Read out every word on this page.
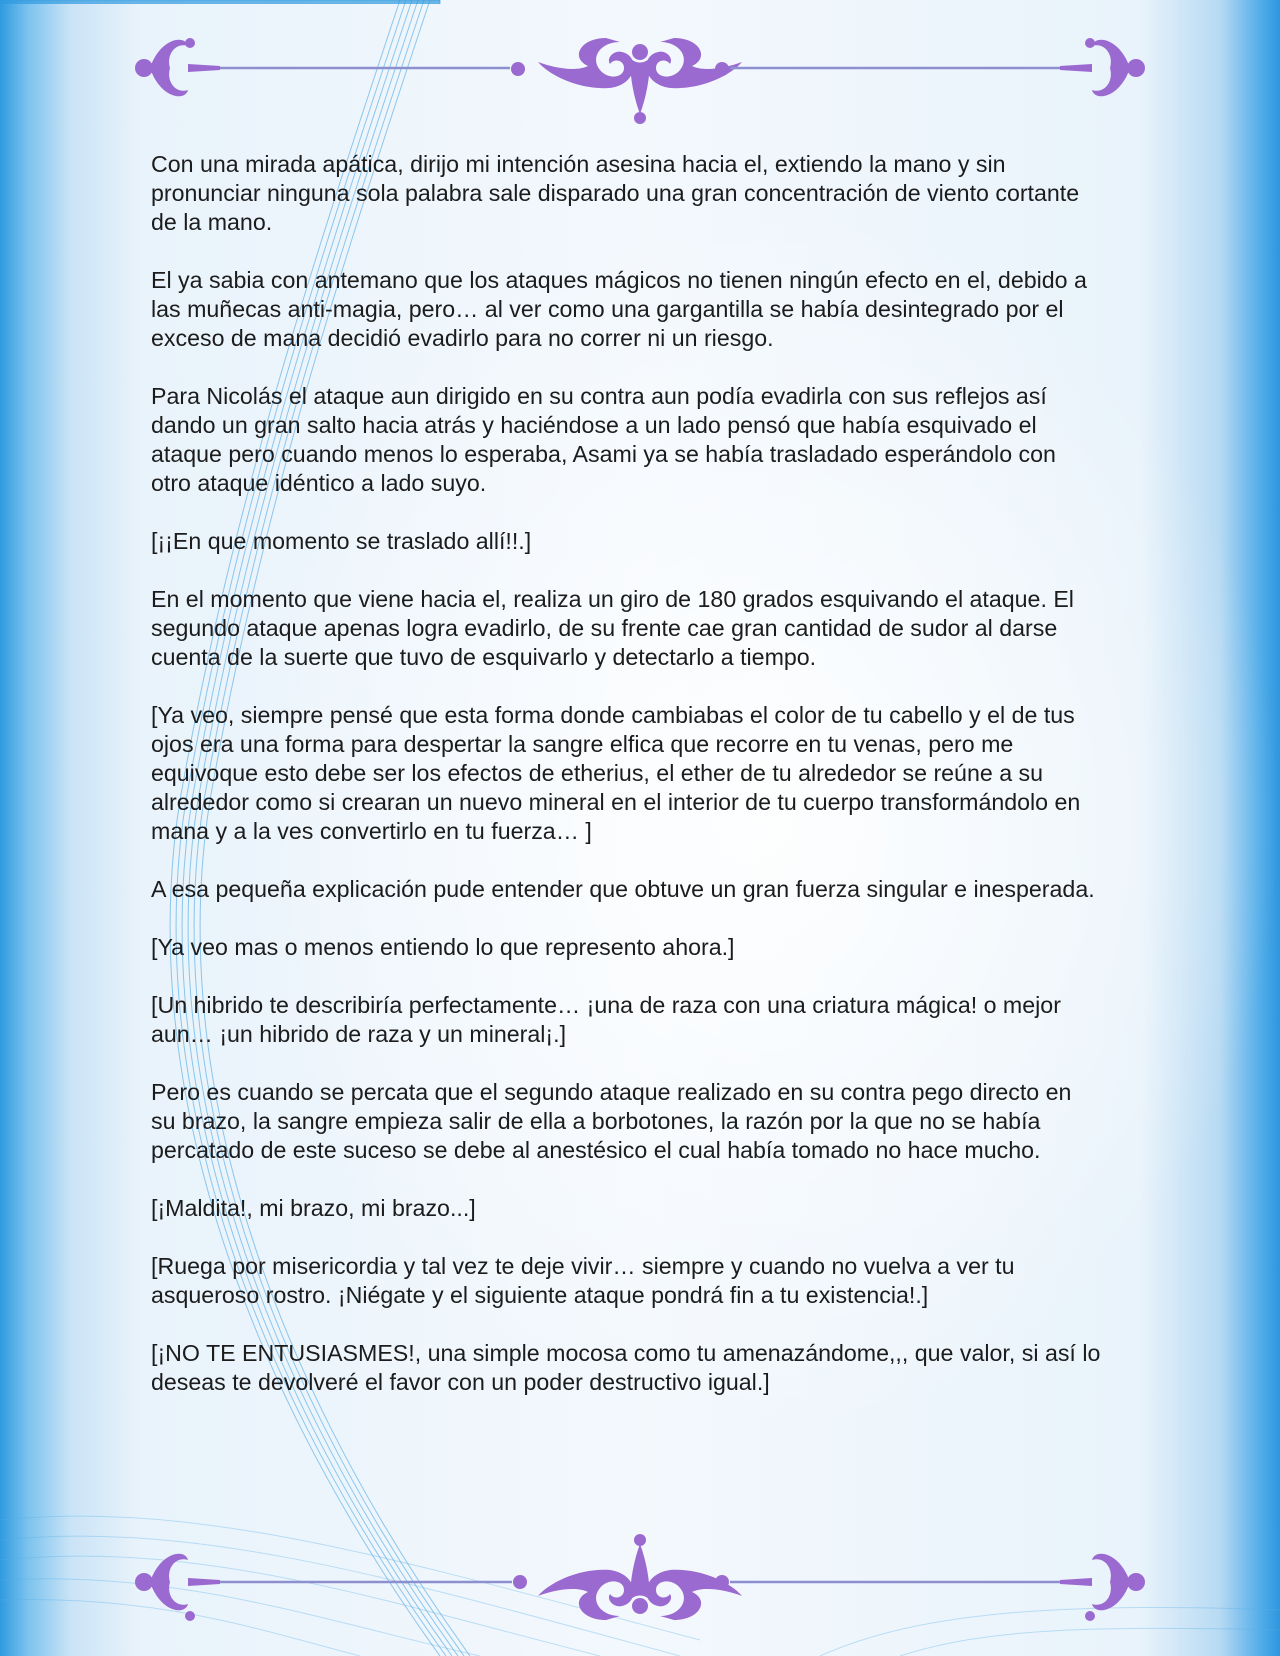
Con una mirada apática, dirijo mi intención asesina hacia el, extiendo la mano y sin pronunciar ninguna sola palabra sale disparado una gran concentración de viento cortante de la mano.

El ya sabia con antemano que los ataques mágicos no tienen ningún efecto en el, debido a las muñecas anti-magia, pero… al ver como una gargantilla se había desintegrado por el exceso de mana decidió evadirlo para no correr ni un riesgo.

Para Nicolás el ataque aun dirigido en su contra aun podía evadirla con sus reflejos así dando un gran salto hacia atrás y haciéndose a un lado pensó que había esquivado el ataque pero cuando menos lo esperaba, Asami ya se había trasladado esperándolo con otro ataque idéntico a lado suyo.

[¡¡En que momento se traslado allí!!.]

En el momento que viene hacia el, realiza un giro de 180 grados esquivando el ataque. El segundo ataque apenas logra evadirlo, de su frente cae gran cantidad de sudor al darse cuenta de la suerte que tuvo de esquivarlo y detectarlo a tiempo.

[Ya veo, siempre pensé que esta forma donde cambiabas el color de tu cabello y el de tus ojos era una forma para despertar la sangre elfica que recorre en tu venas, pero me equivoque esto debe ser los efectos de etherius, el ether de tu alrededor se reúne a su alrededor como si crearan un nuevo mineral en el interior de tu cuerpo transformándolo en mana y a la ves convertirlo en tu fuerza… ]

A esa pequeña explicación pude entender que obtuve un gran fuerza singular e inesperada.

[Ya veo mas o menos entiendo lo que represento ahora.]

[Un hibrido te describiría perfectamente… ¡una de raza con una criatura mágica! o mejor aun… ¡un hibrido de raza y un mineral¡.]

Pero es cuando se percata que el segundo ataque realizado en su contra pego directo en su brazo, la sangre empieza salir de ella a borbotones, la razón por la que no se había percatado de este suceso se debe al anestésico el cual había tomado no hace mucho.

[¡Maldita!, mi brazo, mi brazo...]

[Ruega por misericordia y tal vez te deje vivir… siempre y cuando no vuelva a ver tu asqueroso rostro. ¡Niégate y el siguiente ataque pondrá fin a tu existencia!.]

[¡NO TE ENTUSIASMES!, una simple mocosa como tu amenazándome,,, que valor, si así lo deseas te devolveré el favor con un poder destructivo igual.]
